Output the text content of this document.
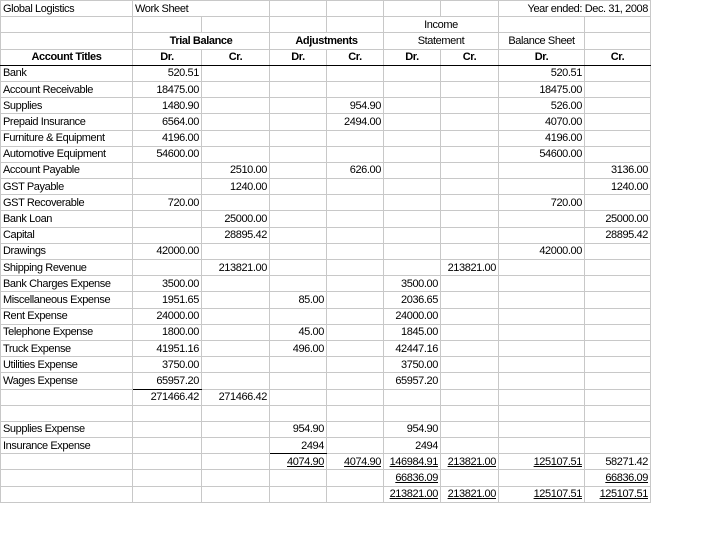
Global Logistics	Work Sheet						Year ended: Dec. 31, 2008	
					Income			
	Trial Balance		Adjustments		Statement		Balance Sheet	
Account Titles	Dr.	Cr.	Dr.	Cr.	Dr.	Cr.	Dr.	Cr.
Bank	520.51						520.51	
Account Receivable	18475.00						18475.00	
Supplies	1480.90			954.90			526.00	
Prepaid Insurance	6564.00			2494.00			4070.00	
Furniture & Equipment	4196.00						4196.00	
Automotive Equipment	54600.00						54600.00	
Account Payable		2510.00		626.00				3136.00
GST Payable		1240.00						1240.00
GST Recoverable	720.00						720.00	
Bank Loan		25000.00						25000.00
Capital		28895.42						28895.42
Drawings	42000.00						42000.00	
Shipping Revenue		213821.00				213821.00		
Bank Charges Expense	3500.00				3500.00			
Miscellaneous Expense	1951.65		85.00		2036.65			
Rent Expense	24000.00				24000.00			
Telephone Expense	1800.00		45.00		1845.00			
Truck Expense	41951.16		496.00		42447.16			
Utilities Expense	3750.00				3750.00			
Wages Expense	65957.20				65957.20			
	271466.42	271466.42						

Supplies Expense			954.90		954.90			
Insurance Expense			2494		2494			
			4074.90	4074.90	146984.91	213821.00	125107.51	58271.42
					66836.09			66836.09
					213821.00	213821.00	125107.51	125107.51
